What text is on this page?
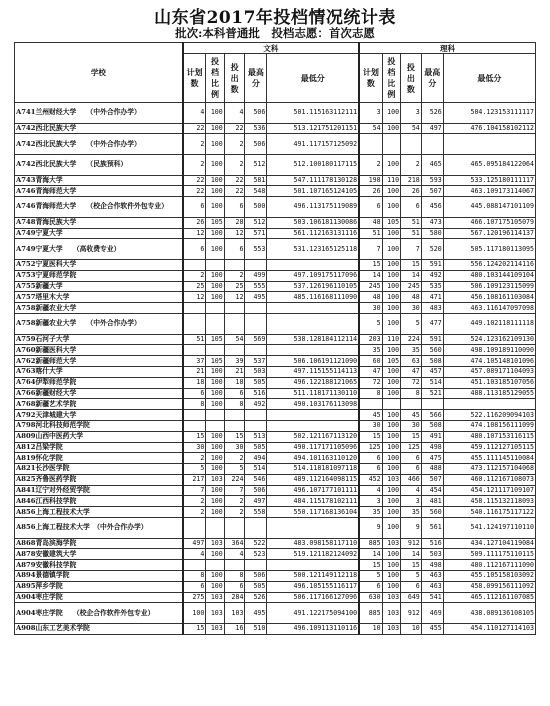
山东省2017年投档情况统计表
批次:本科普通批　投档志愿：首次志愿
学校	文科					理科				
	计划数	投档比例	投出数	最高分	最低分	计划数	投档比例	投出数	最高分	最低分
A741兰州财经大学　　（中外合作办学）	4	100	4	506	501.115163112111	3	100	3	526	504.123153111117
A742西北民族大学	22	100	22	536	513.121751201151	54	100	54	497	476.104158102112
A742西北民族大学　　（中外合作办学）	2	100	2	506	491.117157125092					
A742西北民族大学　　（民族预科）	2	100	2	512	512.100180117115	2	100	2	465	465.095184122064
A743青海大学	22	100	22	581	547.111178130128	198	110	218	593	533.125180111117
A746青海师范大学	22	100	22	548	501.107165124105	26	100	26	507	463.109173114067
A746青海师范大学　　（校企合作软件外包专业）	6	100	6	500	496.113175119089	6	100	6	456	445.088147101109
A748青海民族大学	26	105	28	512	503.106181130086	48	105	51	473	466.107175105079
A749宁夏大学	12	100	12	571	561.112163131116	51	100	51	580	567.120196114137
A749宁夏大学　　（高收费专业）	6	100	6	553	531.123165125118	7	100	7	520	505.117180113095
A752宁夏医科大学						15	100	15	591	556.124202114116
A753宁夏师范学院	2	100	2	499	497.109175117096	14	100	14	492	480.103144109104
A755新疆大学	25	100	25	555	537.126196110105	245	100	245	535	506.109123115099
A757塔里木大学	12	100	12	495	485.116168111090	48	100	48	471	456.108161103084
A758新疆农业大学						30	100	30	483	463.116147097098
A758新疆农业大学　　（中外合作办学）						5	100	5	477	449.102118111118
A759石河子大学	51	105	54	569	538.128184112114	203	110	224	591	524.123162109130
A760新疆医科大学						35	100	35	560	498.109189110090
A762新疆师范大学	37	105	39	537	506.106191121090	60	105	63	508	474.105148101096
A763喀什大学	21	100	21	503	497.115155114113	47	100	47	457	457.089171104093
A764伊犁师范学院	18	100	18	505	496.122188121065	72	100	72	514	451.103185107056
A766新疆财经大学	6	100	6	516	511.118171130110	8	100	8	521	488.113185129055
A768新疆艺术学院	8	100	8	492	490.103176113098					
A792天津城建大学						45	100	45	566	522.116209094103
A798河北科技师范学院						30	100	30	508	474.108156111099
A809山西中医药大学	15	100	15	513	502.121167113120	15	100	15	491	480.107153116115
A812吕梁学院	30	100	30	505	490.117171105096	125	100	125	498	459.112127105115
A819怀化学院	2	100	2	494	494.101163110120	6	100	6	475	455.111145110084
A821长沙医学院	5	100	5	514	514.118181097118	6	100	6	488	473.112157104068
A825齐鲁医药学院	217	103	224	546	489.112164098115	452	103	466	507	460.112167108073
A841辽宁对外经贸学院	7	100	7	506	496.107177101111	4	100	4	454	454.121117109107
A846江西科技学院	2	100	2	497	484.115178102111	3	100	3	481	458.115132118093
A856上海工程技术大学	2	100	2	558	550.117168136104	35	100	35	560	540.116175117122
A856上海工程技术大学　（中外合作办学）						9	100	9	561	541.124197110110
A868青岛滨海学院	497	103	364	522	483.098158117110	885	103	912	516	434.127104119084
A878安徽建筑大学	4	100	4	523	519.121182124092	14	100	14	503	509.111175110115
A879安徽科技学院						15	100	15	498	480.112167111090
A894景德镇学院	8	100	8	506	500.121149112118	5	100	5	463	455.105158103092
A895萍乡学院	6	100	6	505	496.105155116117	6	100	6	463	458.099156111092
A904枣庄学院	275	103	284	526	506.117166127096	630	103	649	541	465.112161107085
A904枣庄学院　　（校企合作软件外包专业）	100	103	103	495	491.122175094100	885	103	912	469	438.089136108105
A908山东工艺美术学院	15	103	16	510	496.109113110116	10	103	10	455	454.110127114103
